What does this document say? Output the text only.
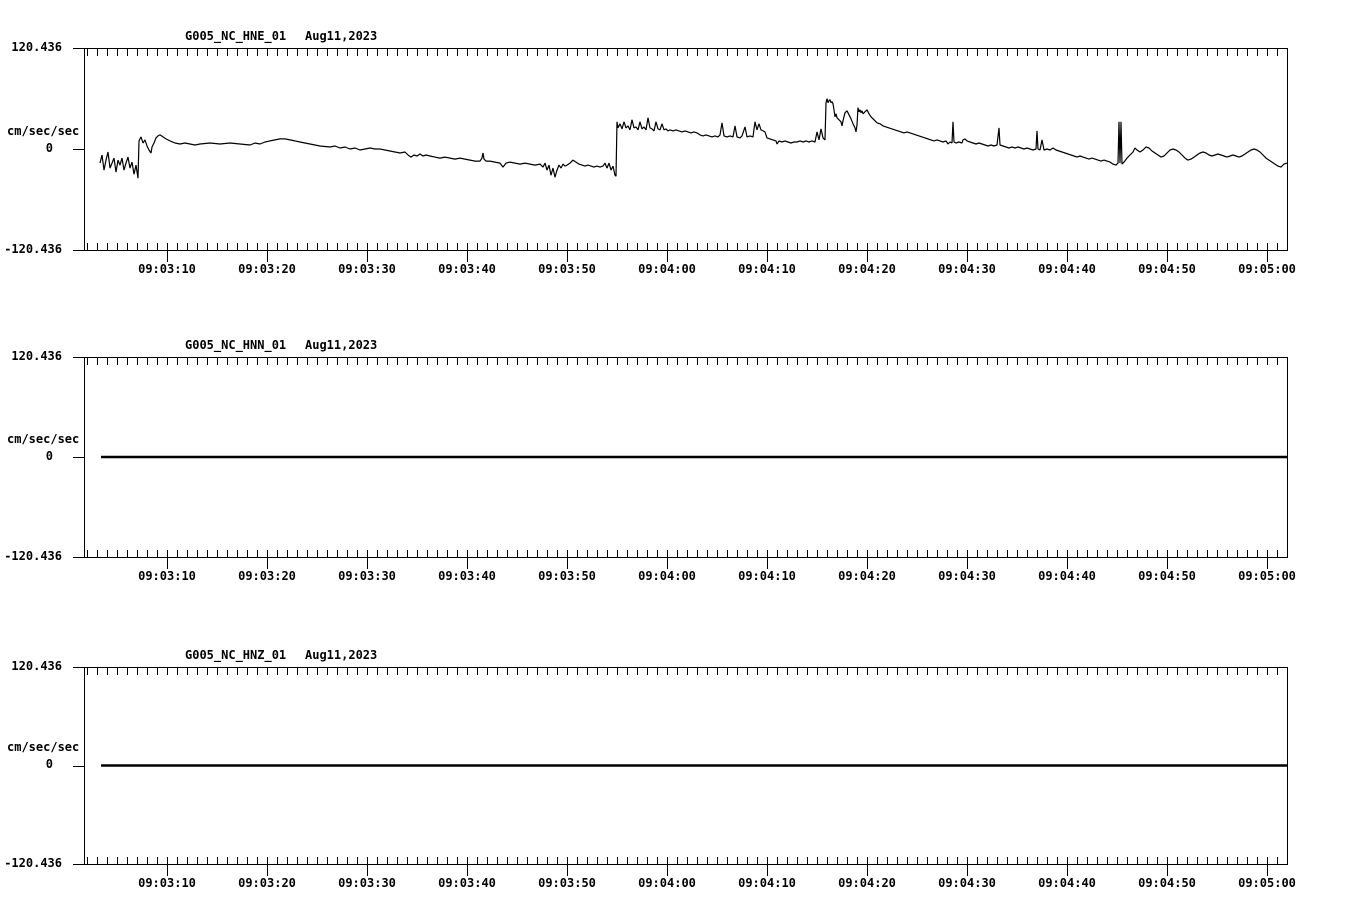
G005_NC_HNE_01 Aug11,2023
120.436
cm/sec/sec
0
-120.436
G005_NC_HNN_01 Aug11,2023
120.436
cm/sec/sec
0
-120.436
G005_NC_HNZ_01 Aug11,2023
120.436
cm/sec/sec
0
-120.436
09:03:10	09:03:20	09:03:30	09:03:40	09:03:50	09:04:00	09:04:10	09:04:20	09:04:30	09:04:40	09:04:50	09:05:00
09:03:10	09:03:20	09:03:30	09:03:40	09:03:50	09:04:00	09:04:10	09:04:20	09:04:30	09:04:40	09:04:50	09:05:00
09:03:10	09:03:20	09:03:30	09:03:40	09:03:50	09:04:00	09:04:10	09:04:20	09:04:30	09:04:40	09:04:50	09:05:00
